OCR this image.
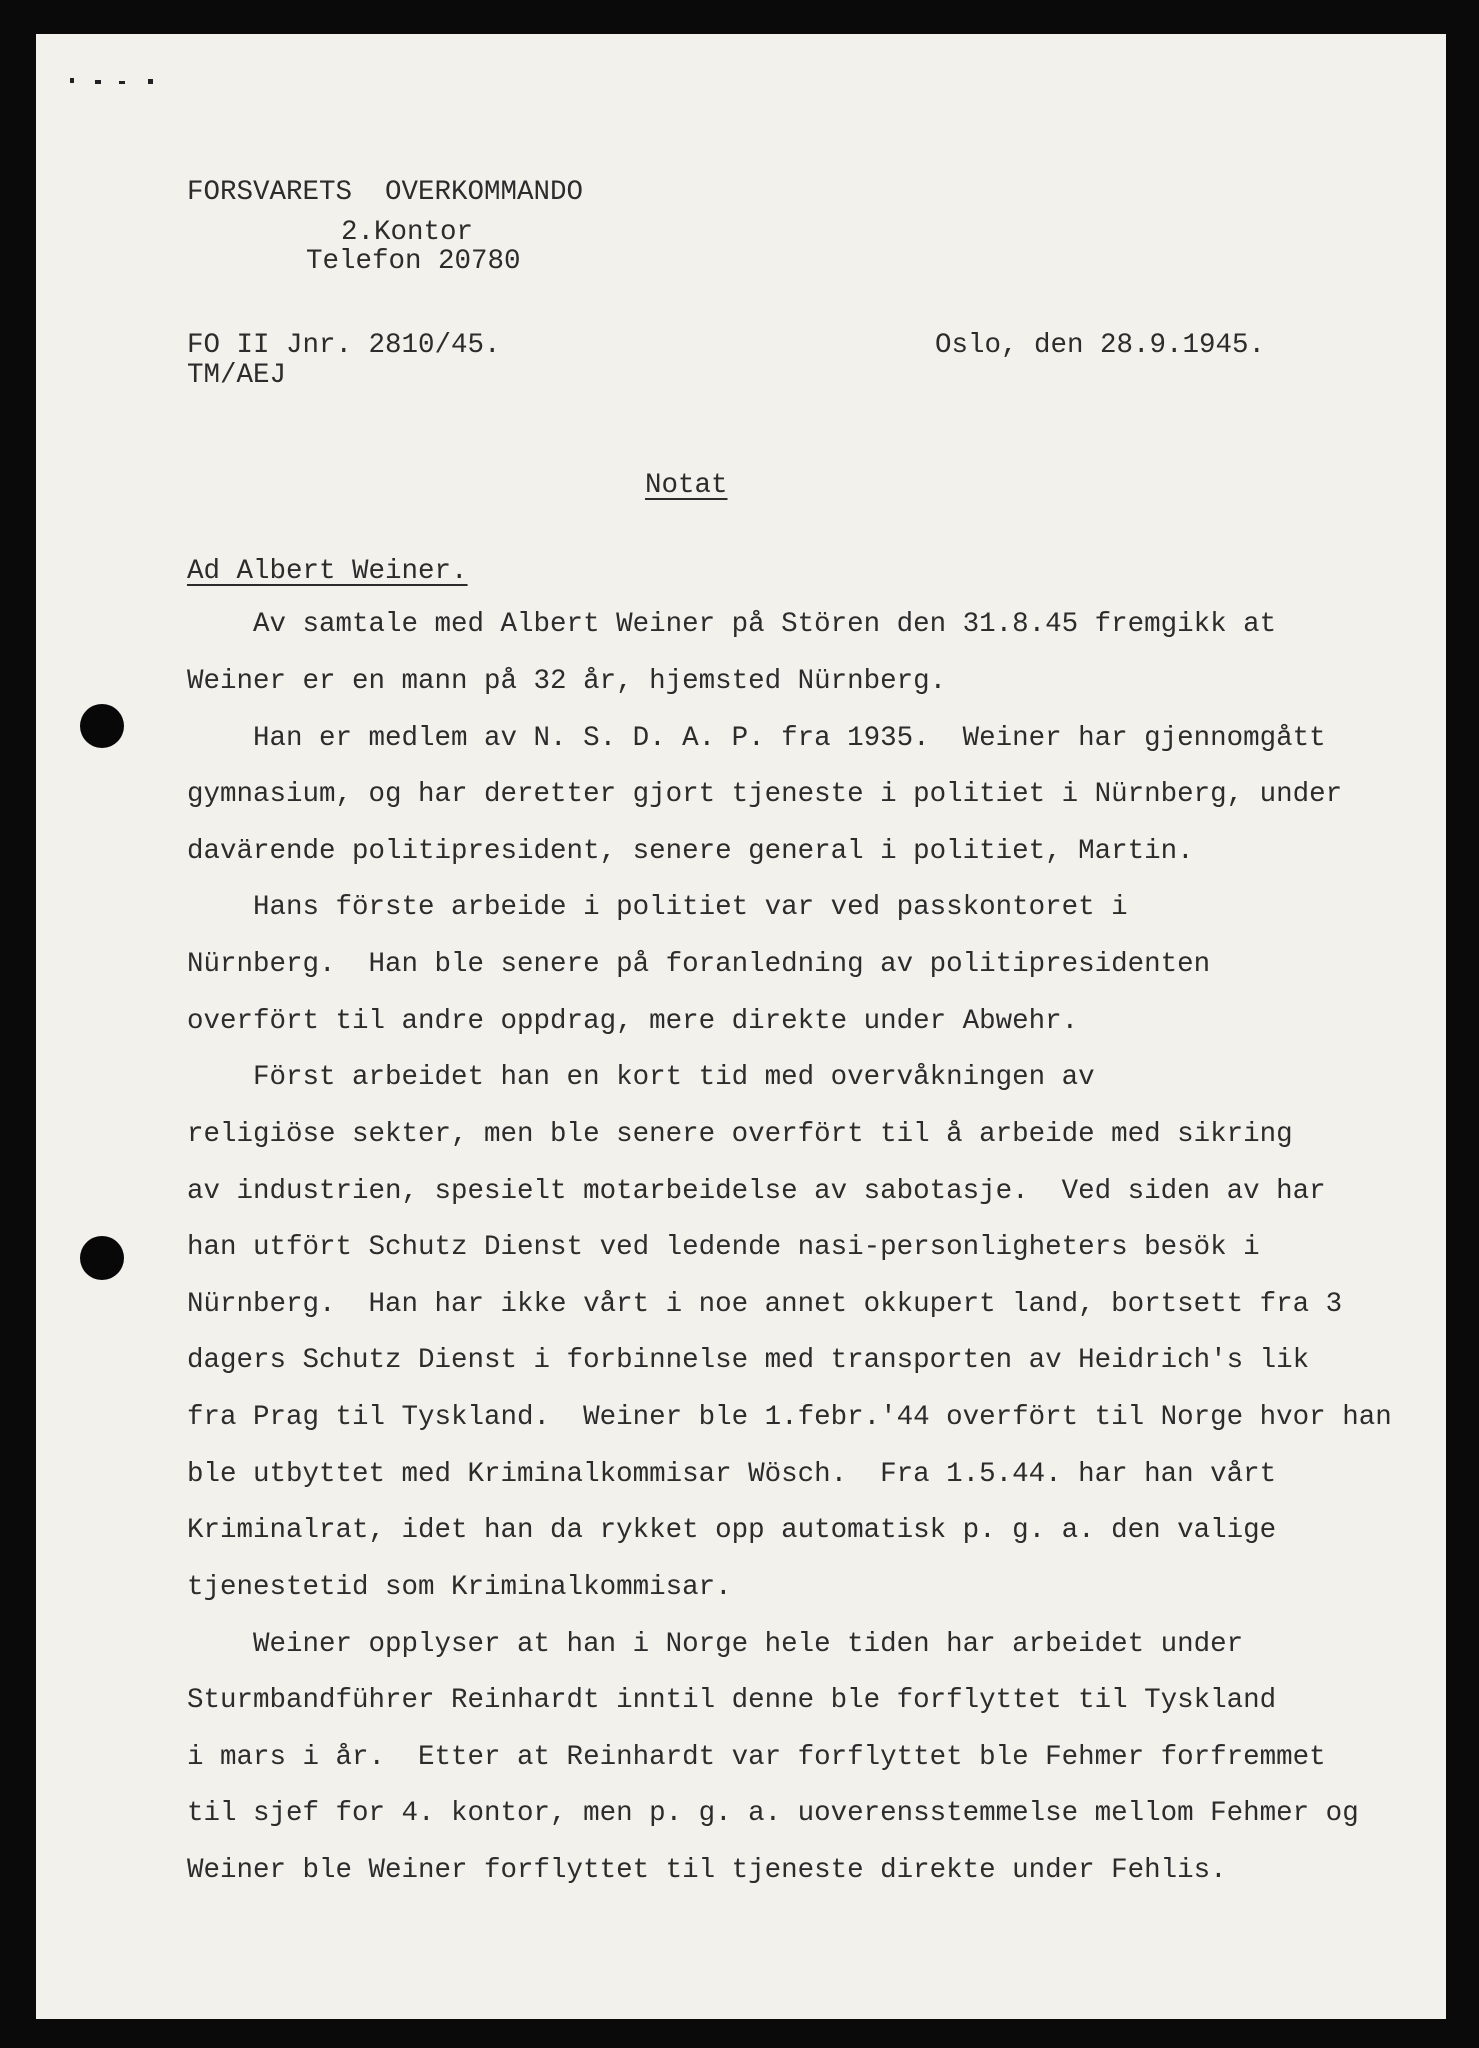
FORSVARETS  OVERKOMMANDO

2.Kontor

Telefon 20780

FO II Jnr. 2810/45.

TM/AEJ

Oslo, den 28.9.1945.

Notat

Ad Albert Weiner.

Av samtale med Albert Weiner på Stören den 31.8.45 fremgikk at

Weiner er en mann på 32 år, hjemsted Nürnberg.

Han er medlem av N. S. D. A. P. fra 1935.  Weiner har gjennomgått

gymnasium, og har deretter gjort tjeneste i politiet i Nürnberg, under

davärende politipresident, senere general i politiet, Martin.

Hans förste arbeide i politiet var ved passkontoret i

Nürnberg.  Han ble senere på foranledning av politipresidenten

overfört til andre oppdrag, mere direkte under Abwehr.

Först arbeidet han en kort tid med overvåkningen av

religiöse sekter, men ble senere overfört til å arbeide med sikring

av industrien, spesielt motarbeidelse av sabotasje.  Ved siden av har

han utfört Schutz Dienst ved ledende nasi-personligheters besök i

Nürnberg.  Han har ikke vårt i noe annet okkupert land, bortsett fra 3

dagers Schutz Dienst i forbinnelse med transporten av Heidrich's lik

fra Prag til Tyskland.  Weiner ble 1.febr.'44 overfört til Norge hvor han

ble utbyttet med Kriminalkommisar Wösch.  Fra 1.5.44. har han vårt

Kriminalrat, idet han da rykket opp automatisk p. g. a. den valige

tjenestetid som Kriminalkommisar.

Weiner opplyser at han i Norge hele tiden har arbeidet under

Sturmbandführer Reinhardt inntil denne ble forflyttet til Tyskland

i mars i år.  Etter at Reinhardt var forflyttet ble Fehmer forfremmet

til sjef for 4. kontor, men p. g. a. uoverensstemmelse mellom Fehmer og

Weiner ble Weiner forflyttet til tjeneste direkte under Fehlis.
